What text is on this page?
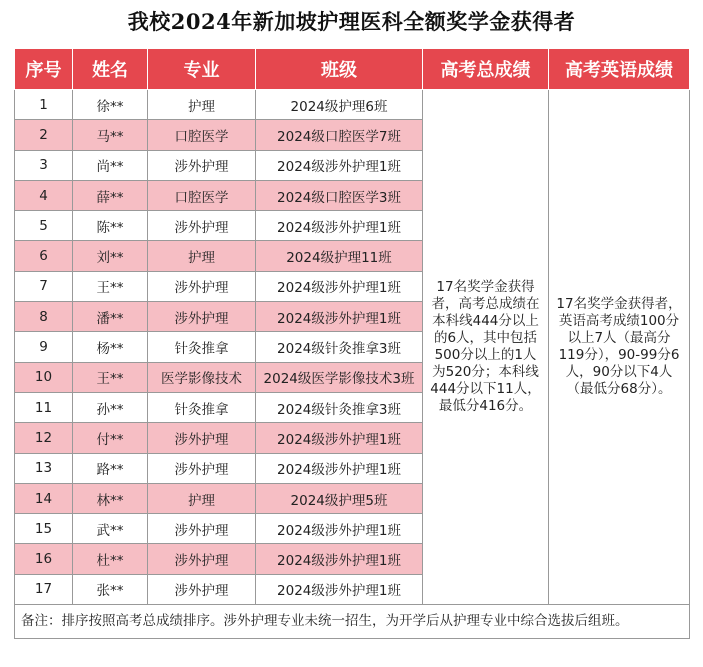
我校2024年新加坡护理医科全额奖学金获得者
序号	姓名	专业	班级	高考总成绩	高考英语成绩
1	徐**	护理	2024级护理6班	17名奖学金获得者，高考总成绩在本科线444分以上的6人，其中包括500分以上的1人为520分；本科线444分以下11人，最低分416分。	17名奖学金获得者，英语高考成绩100分以上7人（最高分119分），90-99分6人，90分以下4人（最低分68分）。
2	马**	口腔医学	2024级口腔医学7班		
3	尚**	涉外护理	2024级涉外护理1班		
4	薛**	口腔医学	2024级口腔医学3班		
5	陈**	涉外护理	2024级涉外护理1班		
6	刘**	护理	2024级护理11班		
7	王**	涉外护理	2024级涉外护理1班		
8	潘**	涉外护理	2024级涉外护理1班		
9	杨**	针灸推拿	2024级针灸推拿3班		
10	王**	医学影像技术	2024级医学影像技术3班		
11	孙**	针灸推拿	2024级针灸推拿3班		
12	付**	涉外护理	2024级涉外护理1班		
13	路**	涉外护理	2024级涉外护理1班		
14	林**	护理	2024级护理5班		
15	武**	涉外护理	2024级涉外护理1班		
16	杜**	涉外护理	2024级涉外护理1班		
17	张**	涉外护理	2024级涉外护理1班		
备注：排序按照高考总成绩排序。涉外护理专业未统一招生，为开学后从护理专业中综合选拔后组班。					
